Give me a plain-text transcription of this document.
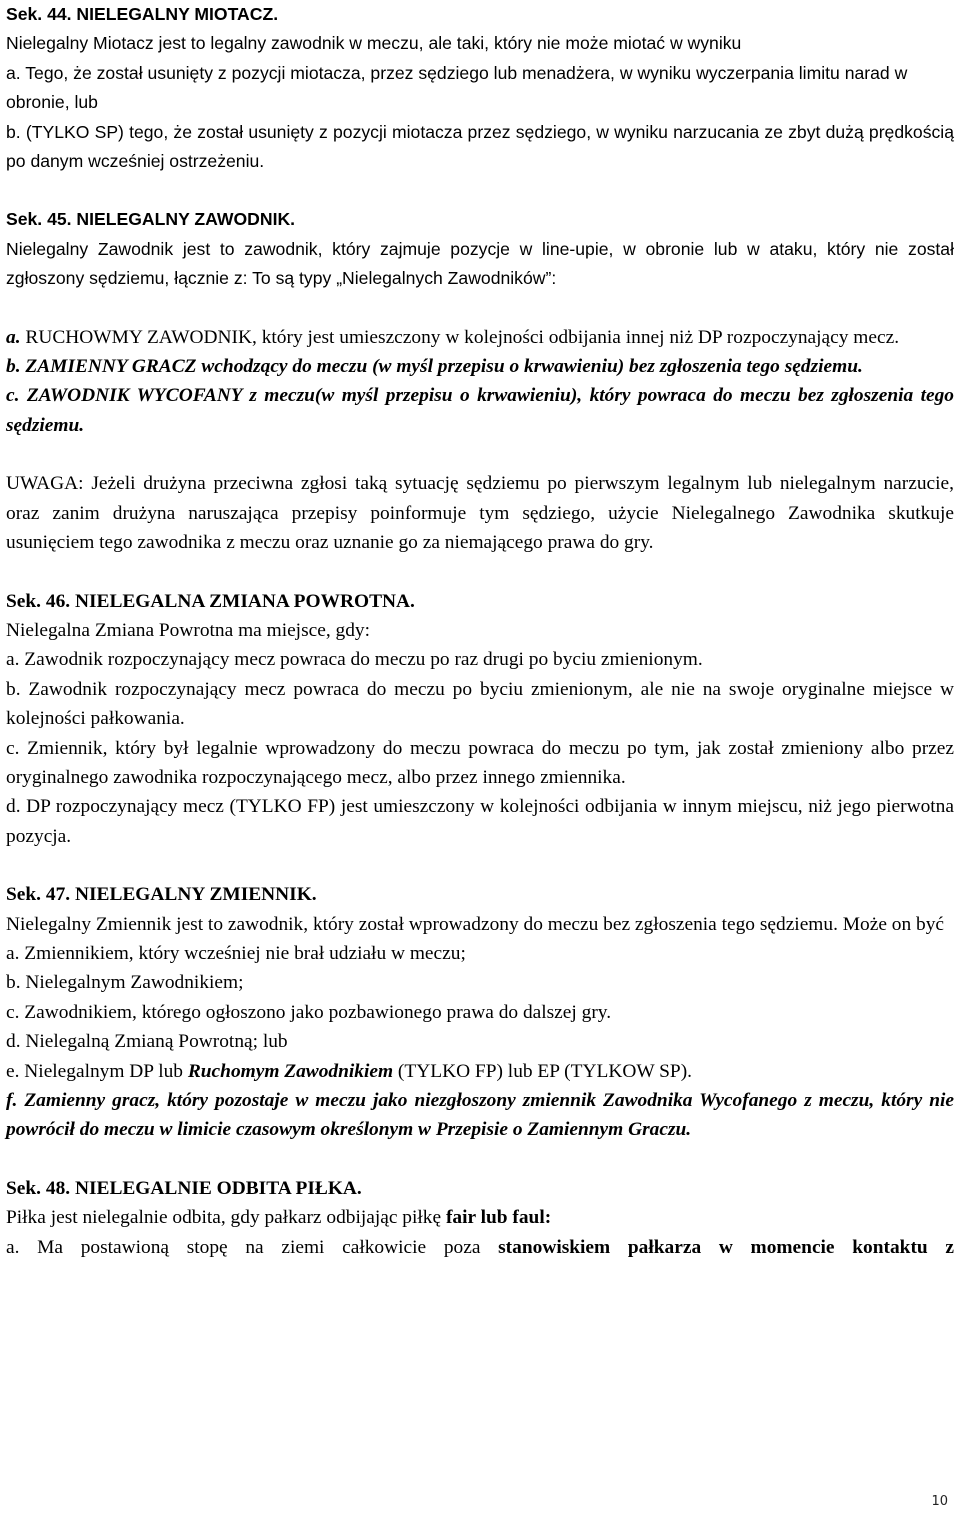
Sek. 44. NIELEGALNY MIOTACZ.

Nielegalny Miotacz jest to legalny zawodnik w meczu, ale taki, który nie może miotać w wyniku

a. Tego, że został usunięty z pozycji miotacza, przez sędziego lub menadżera, w wyniku wyczerpania limitu narad w obronie, lub

b. (TYLKO SP) tego, że został usunięty z pozycji miotacza przez sędziego, w wyniku narzucania ze zbyt dużą prędkością po danym wcześniej ostrzeżeniu.

Sek. 45. NIELEGALNY ZAWODNIK.

Nielegalny Zawodnik jest to zawodnik, który zajmuje pozycje w line-upie, w obronie lub w ataku, który nie został zgłoszony sędziemu, łącznie z: To są typy „Nielegalnych Zawodników”:

a. RUCHOWMY ZAWODNIK, który jest umieszczony w kolejności odbijania innej niż DP rozpoczynający mecz.

b. ZAMIENNY GRACZ wchodzący do meczu (w myśl przepisu o krwawieniu) bez zgłoszenia tego sędziemu.

c. ZAWODNIK WYCOFANY z meczu(w myśl przepisu o krwawieniu), który powraca do meczu bez zgłoszenia tego sędziemu.

UWAGA: Jeżeli drużyna przeciwna zgłosi taką sytuację sędziemu po pierwszym legalnym lub nielegalnym narzucie, oraz zanim drużyna naruszająca przepisy poinformuje tym sędziego, użycie Nielegalnego Zawodnika skutkuje usunięciem tego zawodnika z meczu oraz uznanie go za niemającego prawa do gry.

Sek. 46. NIELEGALNA ZMIANA POWROTNA.

Nielegalna Zmiana Powrotna ma miejsce, gdy:

a. Zawodnik rozpoczynający mecz powraca do meczu po raz drugi po byciu zmienionym.

b. Zawodnik rozpoczynający mecz powraca do meczu po byciu zmienionym, ale nie na swoje oryginalne miejsce w kolejności pałkowania.

c. Zmiennik, który był legalnie wprowadzony do meczu powraca do meczu po tym, jak został zmieniony albo przez oryginalnego zawodnika rozpoczynającego mecz, albo przez innego zmiennika.

d. DP rozpoczynający mecz (TYLKO FP) jest umieszczony w kolejności odbijania w innym miejscu, niż jego pierwotna pozycja.

Sek. 47. NIELEGALNY ZMIENNIK.

Nielegalny Zmiennik jest to zawodnik, który został wprowadzony do meczu bez zgłoszenia tego sędziemu. Może on być

a. Zmiennikiem, który wcześniej nie brał udziału w meczu;

b. Nielegalnym Zawodnikiem;

c. Zawodnikiem, którego ogłoszono jako pozbawionego prawa do dalszej gry.

d. Nielegalną Zmianą Powrotną; lub

e. Nielegalnym DP lub Ruchomym Zawodnikiem (TYLKO FP) lub EP (TYLKOW SP).

f. Zamienny gracz, który pozostaje w meczu jako niezgłoszony zmiennik Zawodnika Wycofanego z meczu, który nie powrócił do meczu w limicie czasowym określonym w Przepisie o Zamiennym Graczu.

Sek. 48. NIELEGALNIE ODBITA PIŁKA.

Piłka jest nielegalnie odbita, gdy pałkarz odbijając piłkę fair lub faul:

a. Ma postawioną stopę na ziemi całkowicie poza stanowiskiem pałkarza w momencie kontaktu z

10
